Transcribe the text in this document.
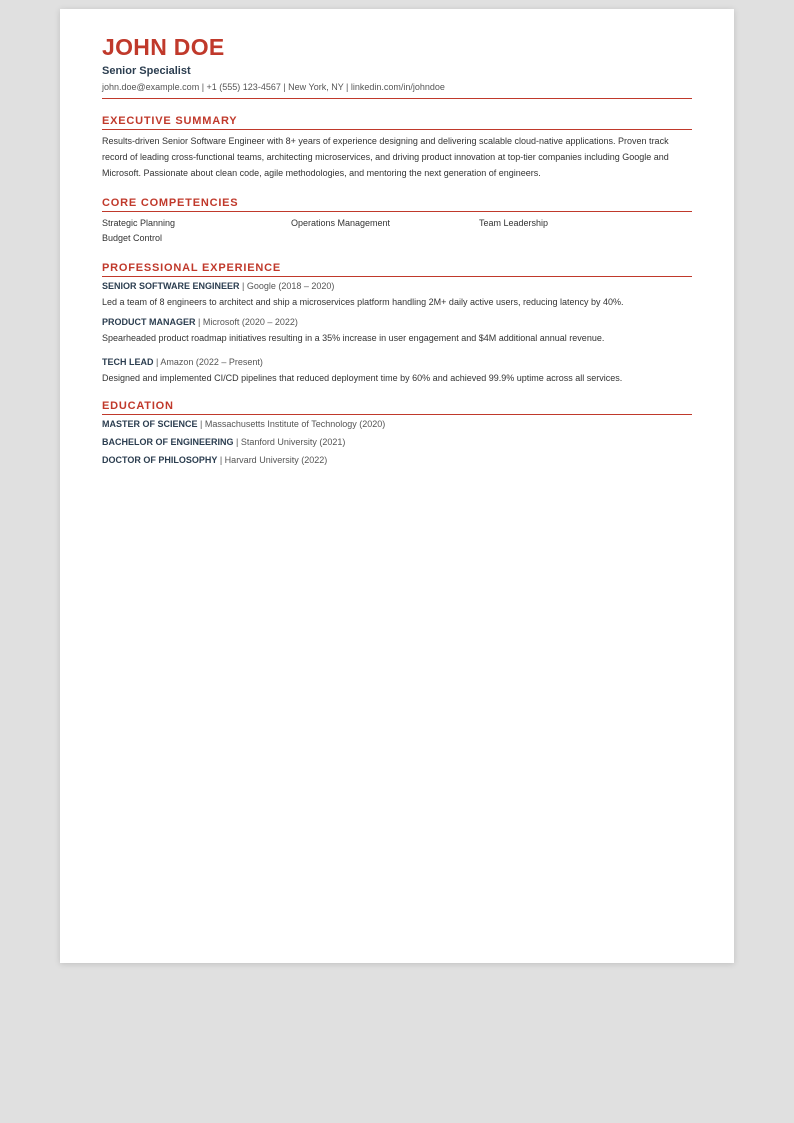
JOHN DOE
Senior Specialist
john.doe@example.com | +1 (555) 123-4567 | New York, NY | linkedin.com/in/johndoe
EXECUTIVE SUMMARY
Results-driven Senior Software Engineer with 8+ years of experience designing and delivering scalable cloud-native applications. Proven track record of leading cross-functional teams, architecting microservices, and driving product innovation at top-tier companies including Google and Microsoft. Passionate about clean code, agile methodologies, and mentoring the next generation of engineers.
CORE COMPETENCIES
Strategic Planning	Operations Management	Team Leadership
Budget Control
PROFESSIONAL EXPERIENCE
SENIOR SOFTWARE ENGINEER | Google (2018 – 2020)
Led a team of 8 engineers to architect and ship a microservices platform handling 2M+ daily active users, reducing latency by 40%.
PRODUCT MANAGER | Microsoft (2020 – 2022)
Spearheaded product roadmap initiatives resulting in a 35% increase in user engagement and $4M additional annual revenue.
TECH LEAD | Amazon (2022 – Present)
Designed and implemented CI/CD pipelines that reduced deployment time by 60% and achieved 99.9% uptime across all services.
EDUCATION
MASTER OF SCIENCE | Massachusetts Institute of Technology (2020)
BACHELOR OF ENGINEERING | Stanford University (2021)
DOCTOR OF PHILOSOPHY | Harvard University (2022)
